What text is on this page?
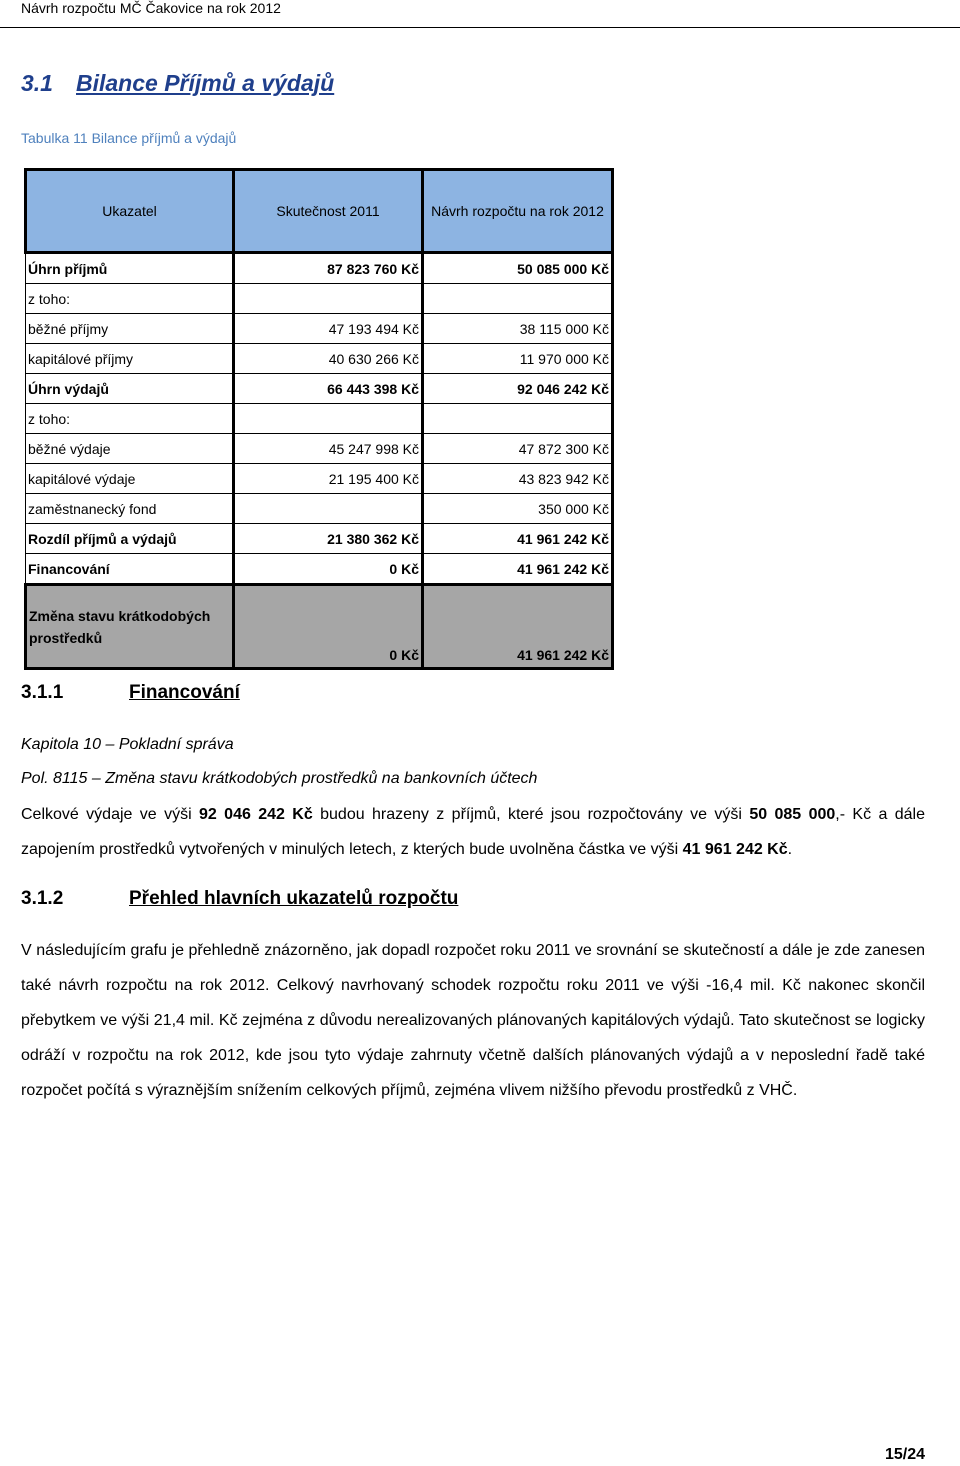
Návrh rozpočtu MČ Čakovice na rok 2012
3.1 Bilance Příjmů a výdajů
Tabulka 11 Bilance příjmů a výdajů
Ukazatel	Skutečnost 2011	Návrh rozpočtu na rok 2012
Úhrn příjmů	87 823 760 Kč	50 085 000 Kč
z toho:		
běžné příjmy	47 193 494 Kč	38 115 000 Kč
kapitálové příjmy	40 630 266 Kč	11 970 000 Kč
Úhrn výdajů	66 443 398 Kč	92 046 242 Kč
z toho:		
běžné výdaje	45 247 998 Kč	47 872 300 Kč
kapitálové výdaje	21 195 400 Kč	43 823 942 Kč
zaměstnanecký fond		350 000 Kč
Rozdíl příjmů a výdajů	21 380 362 Kč	41 961 242 Kč
Financování	0 Kč	41 961 242 Kč
Změna stavu krátkodobých prostředků	0 Kč	41 961 242 Kč
3.1.1	Financování
Kapitola 10 – Pokladní správa
Pol. 8115 – Změna stavu krátkodobých prostředků na bankovních účtech

Celkové výdaje ve výši 92 046 242 Kč budou hrazeny z příjmů, které jsou rozpočtovány ve výši 50 085 000,- Kč a dále zapojením prostředků vytvořených v minulých letech, z kterých bude uvolněna částka ve výši 41 961 242 Kč.

3.1.2	Přehled hlavních ukazatelů rozpočtu

V následujícím grafu je přehledně znázorněno, jak dopadl rozpočet roku 2011 ve srovnání se skutečností a dále je zde zanesen také návrh rozpočtu na rok 2012. Celkový navrhovaný schodek rozpočtu roku 2011 ve výši -16,4 mil. Kč nakonec skončil přebytkem ve výši 21,4 mil. Kč zejména z důvodu nerealizovaných plánovaných kapitálových výdajů. Tato skutečnost se logicky odráží v rozpočtu na rok 2012, kde jsou tyto výdaje zahrnuty včetně dalších plánovaných výdajů a v neposlední řadě také rozpočet počítá s výraznějším snížením celkových příjmů, zejména vlivem nižšího převodu prostředků z VHČ.

15/24
